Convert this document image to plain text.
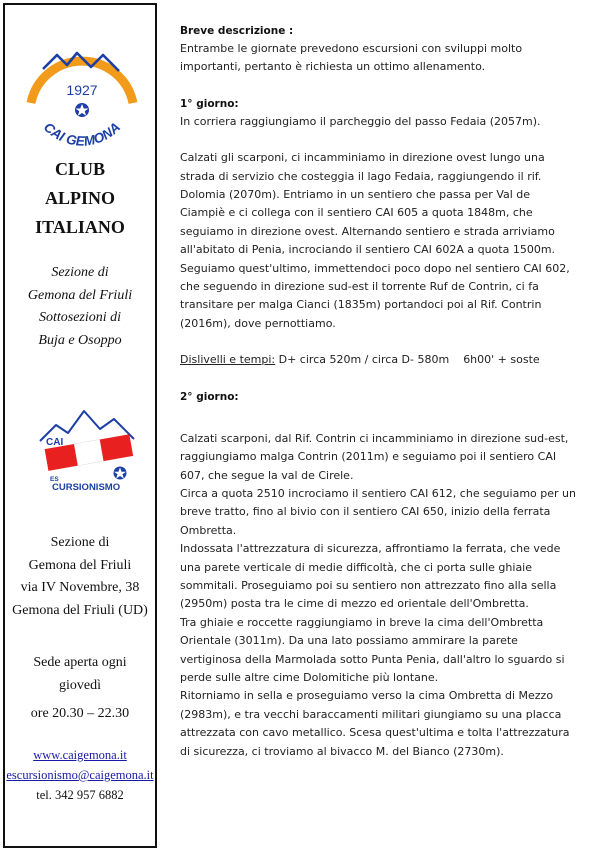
1927
CAI GEMONA
CLUB
ALPINO
ITALIANO
Sezione di
Gemona del Friuli
Sottosezioni di
Buja e Osoppo
CAI
ES
CURSIONISMO
Sezione di
Gemona del Friuli
via IV Novembre, 38
Gemona del Friuli (UD)
Sede aperta ogni
giovedì
ore 20.30 – 22.30
www.caigemona.it
escursionismo@caigemona.it
tel. 342 957 6882
Breve descrizione :

Entrambe le giornate prevedono escursioni con sviluppi molto

importanti, pertanto è richiesta un ottimo allenamento.

1° giorno:

In corriera raggiungiamo il parcheggio del passo Fedaia (2057m).

Calzati gli scarponi, ci incamminiamo in direzione ovest lungo una

strada di servizio che costeggia il lago Fedaia, raggiungendo il rif.

Dolomia (2070m). Entriamo in un sentiero che passa per Val de

Ciampiè e ci collega con il sentiero CAI 605 a quota 1848m, che

seguiamo in direzione ovest. Alternando sentiero e strada arriviamo

all'abitato di Penia, incrociando il sentiero CAI 602A a quota 1500m.

Seguiamo quest'ultimo, immettendoci poco dopo nel sentiero CAI 602,

che seguendo in direzione sud-est il torrente Ruf de Contrin, ci fa

transitare per malga Cianci (1835m) portandoci poi al Rif. Contrin

(2016m), dove pernottiamo.

Dislivelli e tempi: D+ circa 520m / circa D- 580m    6h00' + soste

2° giorno:

Calzati scarponi, dal Rif. Contrin ci incamminiamo in direzione sud-est,

raggiungiamo malga Contrin (2011m) e seguiamo poi il sentiero CAI

607, che segue la val de Cirele.

Circa a quota 2510 incrociamo il sentiero CAI 612, che seguiamo per un

breve tratto, fino al bivio con il sentiero CAI 650, inizio della ferrata

Ombretta.

Indossata l'attrezzatura di sicurezza, affrontiamo la ferrata, che vede

una parete verticale di medie difficoltà, che ci porta sulle ghiaie

sommitali. Proseguiamo poi su sentiero non attrezzato fino alla sella

(2950m) posta tra le cime di mezzo ed orientale dell'Ombretta.

Tra ghiaie e roccette raggiungiamo in breve la cima dell'Ombretta

Orientale (3011m). Da una lato possiamo ammirare la parete

vertiginosa della Marmolada sotto Punta Penia, dall'altro lo sguardo si

perde sulle altre cime Dolomitiche più lontane.

Ritorniamo in sella e proseguiamo verso la cima Ombretta di Mezzo

(2983m), e tra vecchi baraccamenti militari giungiamo su una placca

attrezzata con cavo metallico. Scesa quest'ultima e tolta l'attrezzatura

di sicurezza, ci troviamo al bivacco M. del Bianco (2730m).
